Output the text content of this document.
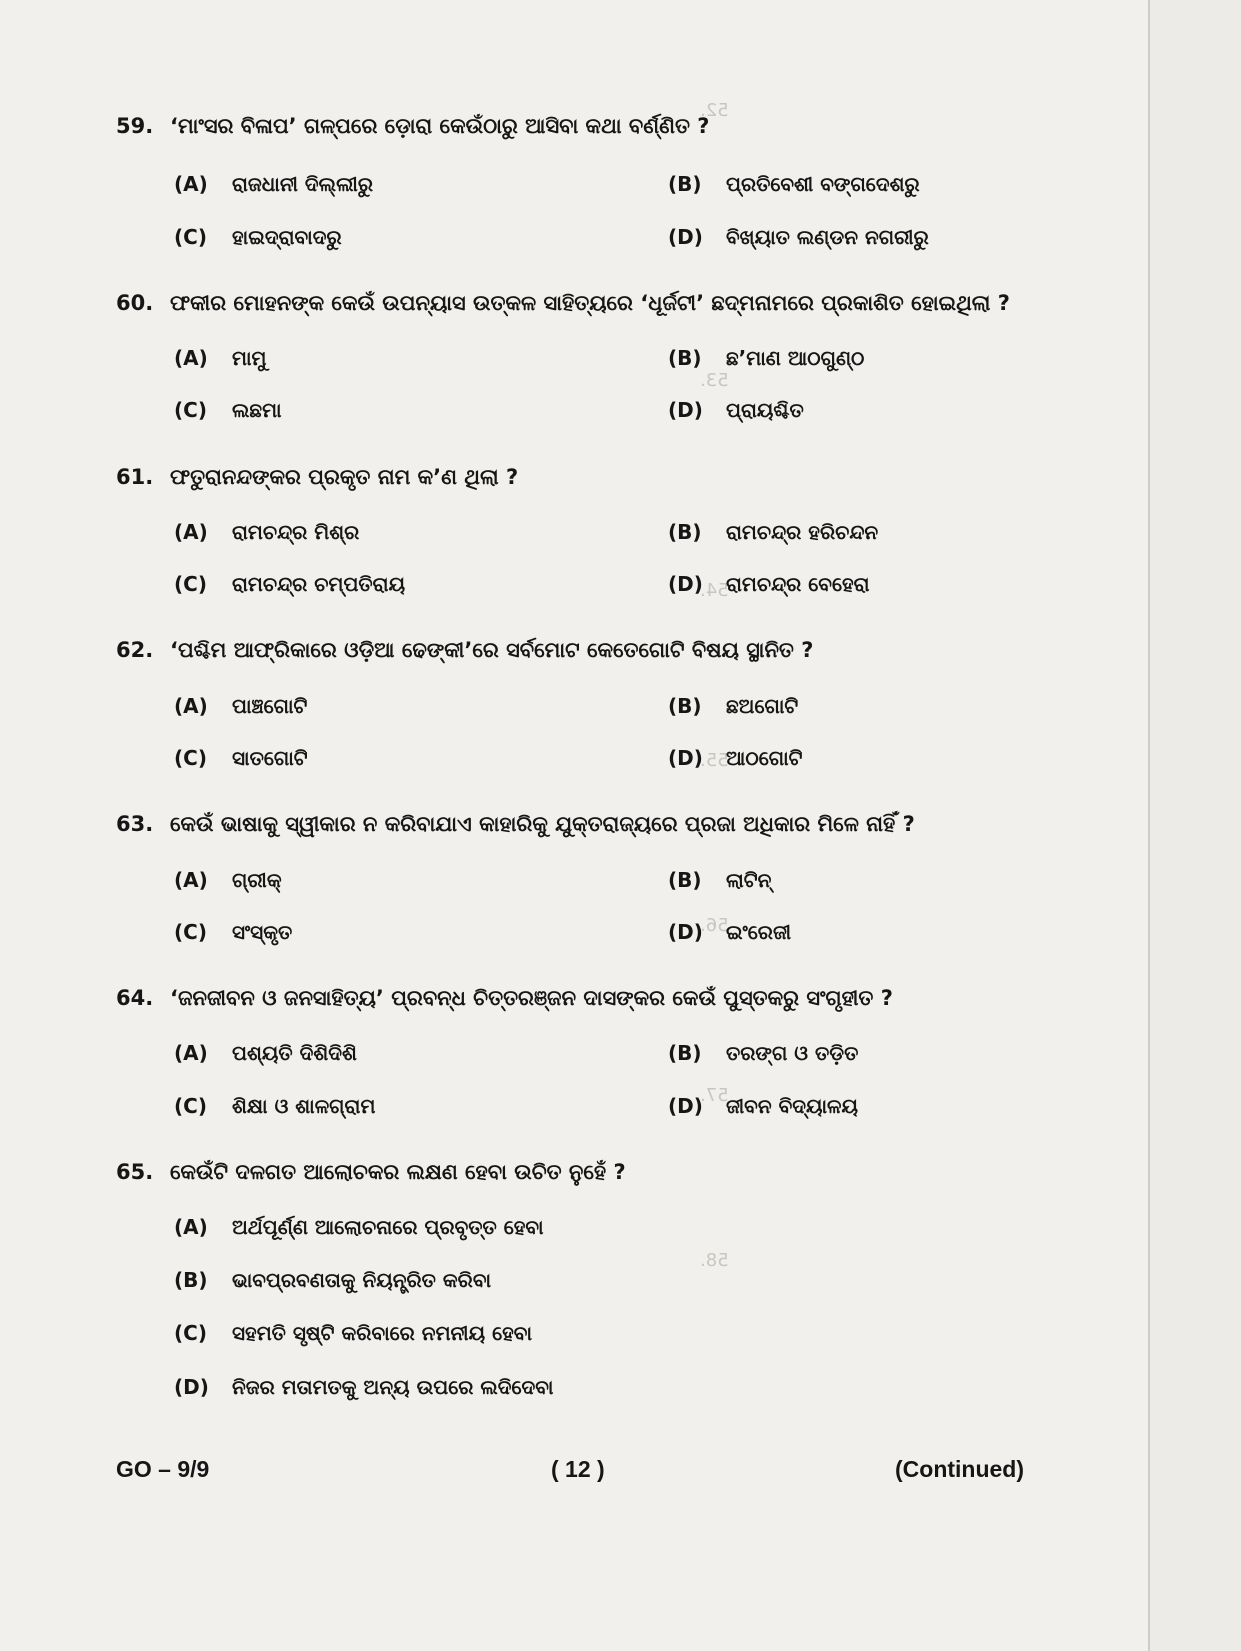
52.
53.
54.
55.
56.
57.
58.
59. ‘ମାଂସର ବିଳାପ’ ଗଳ୍ପରେ ଡ଼ୋରା କେଉଁଠାରୁ ଆସିବା କଥା ବର୍ଣ୍ଣିତ ?
(A) ରାଜଧାନୀ ଦିଲ୍ଲୀରୁ	(B) ପ୍ରତିବେଶୀ ବଙ୍ଗଦେଶରୁ
(C) ହାଇଦ୍ରାବାଦରୁ	(D) ବିଖ୍ୟାତ ଲଣ୍ଡନ ନଗରୀରୁ
60. ଫକୀର ମୋହନଙ୍କ କେଉଁ ଉପନ୍ୟାସ ଉତ୍କଳ ସାହିତ୍ୟରେ ‘ଧୂର୍ଜଟୀ’ ଛଦ୍ମନାମରେ ପ୍ରକାଶିତ ହୋଇଥିଲା ?
(A) ମାମୁ	(B) ଛ’ମାଣ ଆଠଗୁଣ୍ଠ
(C) ଲଛମା	(D) ପ୍ରାୟଶ୍ଚିତ
61. ଫତୁରାନନ୍ଦଙ୍କର ପ୍ରକୃତ ନାମ କ’ଣ ଥିଲା ?
(A) ରାମଚନ୍ଦ୍ର ମିଶ୍ର	(B) ରାମଚନ୍ଦ୍ର ହରିଚନ୍ଦନ
(C) ରାମଚନ୍ଦ୍ର ଚମ୍ପତିରାୟ	(D) ରାମଚନ୍ଦ୍ର ବେହେରା
62. ‘ପଶ୍ଚିମ ଆଫ୍ରିକାରେ ଓଡ଼ିଆ ଢେଙ୍କୀ’ରେ ସର୍ବମୋଟ କେତେଗୋଟି ବିଷୟ ସ୍ଥାନିତ ?
(A) ପାଞ୍ଚଗୋଟି	(B) ଛଅଗୋଟି
(C) ସାତଗୋଟି	(D) ଆଠଗୋଟି
63. କେଉଁ ଭାଷାକୁ ସ୍ୱୀକାର ନ କରିବାଯାଏ କାହାରିକୁ ଯୁକ୍ତରାଜ୍ୟରେ ପ୍ରଜା ଅଧିକାର ମିଳେ ନାହିଁ ?
(A) ଗ୍ରୀକ୍	(B) ଲାଟିନ୍
(C) ସଂସ୍କୃତ	(D) ଇଂରେଜୀ
64. ‘ଜନଜୀବନ ଓ ଜନସାହିତ୍ୟ’ ପ୍ରବନ୍ଧ ଚିତ୍ତରଞ୍ଜନ ଦାସଙ୍କର କେଉଁ ପୁସ୍ତକରୁ ସଂଗୃହୀତ ?
(A) ପଶ୍ୟତି ଦିଶିଦିଶି	(B) ତରଙ୍ଗ ଓ ତଡ଼ିତ
(C) ଶିକ୍ଷା ଓ ଶାଳଗ୍ରାମ	(D) ଜୀବନ ବିଦ୍ୟାଳୟ
65. କେଉଁଟି ଦଳଗତ ଆଲୋଚକର ଲକ୍ଷଣ ହେବା ଉଚିତ ନୁହେଁ ?
(A) ଅର୍ଥପୂର୍ଣ୍ଣ ଆଲୋଚନାରେ ପ୍ରବୃତ୍ତ ହେବା
(B) ଭାବପ୍ରବଣତାକୁ ନିୟନ୍ତ୍ରିତ କରିବା
(C) ସହମତି ସୃଷ୍ଟି କରିବାରେ ନମନୀୟ ହେବା
(D) ନିଜର ମତାମତକୁ ଅନ୍ୟ ଉପରେ ଲଦିଦେବା
GO – 9/9	( 12 )	(Continued)
